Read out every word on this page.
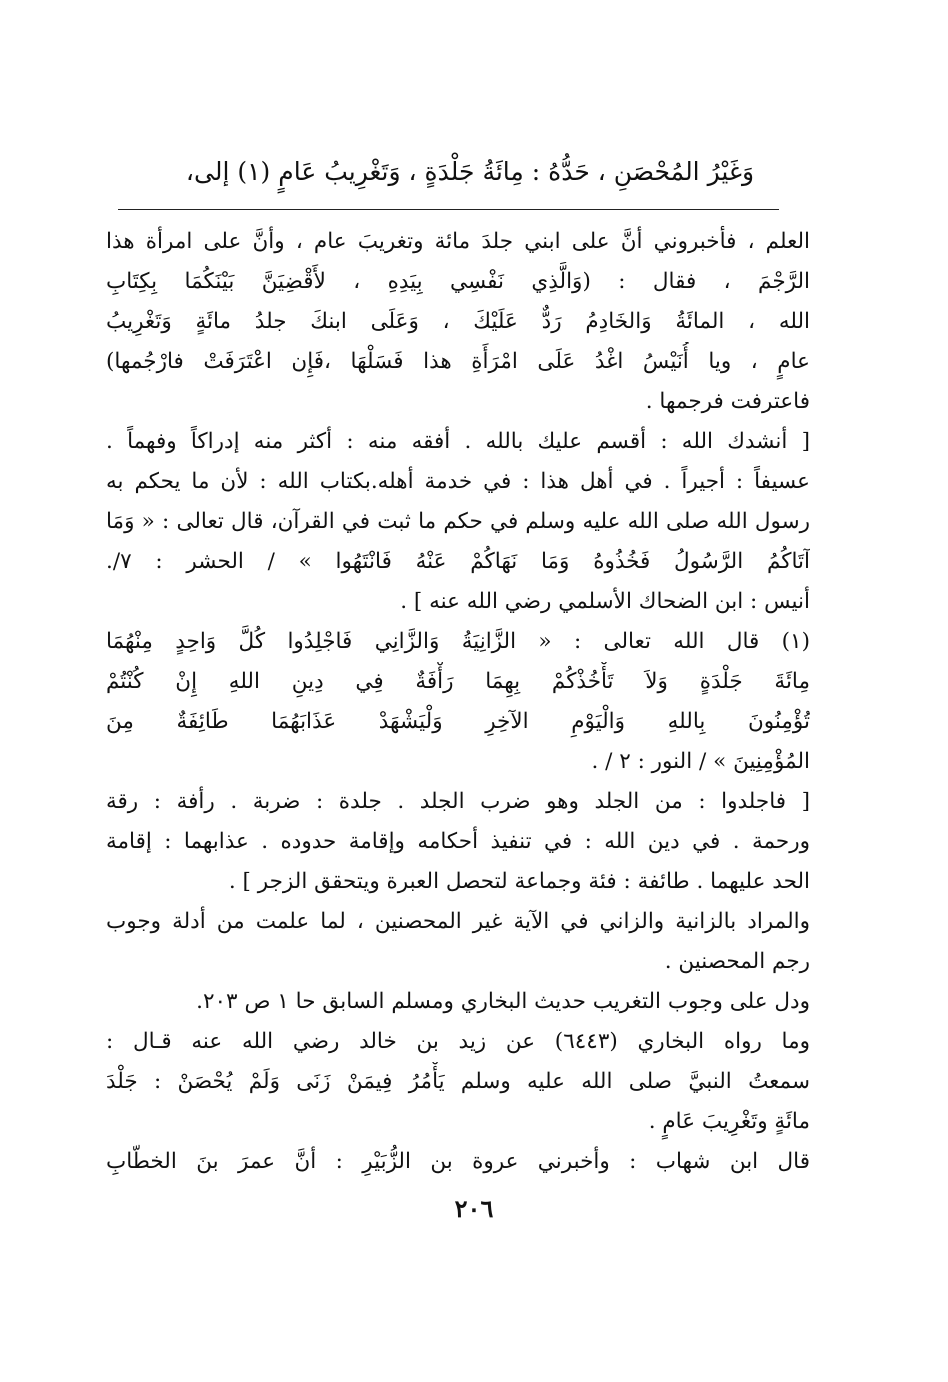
وَغَيْرُ المُحْصَنِ ، حَدُّهُ : مِائَةُ جَلْدَةٍ ، وَتَغْرِيبُ عَامٍ (١) إلى،
العلم ، فأخبروني أنَّ على ابني جلدَ مائة وتغريبَ عام ، وأنَّ على امرأة هذا
الرَّجْمَ ، فقال : (وَالَّذِي نَفْسِي بِيَدِهِ ، لأَقْضِيَنَّ بَيْنَكُمَا بِكِتَابِ
الله ، المائَةُ وَالخَادِمُ رَدٌّ عَلَيْكَ ، وَعَلَى ابنكَ جلدُ مائَةٍ وَتَغْرِيبُ
عامٍ ، ويا أُنَيْسُ اغْدُ عَلَى امْرَأَةِ هذا فَسَلْهَا ،فَإِن اعْتَرَفَتْ فارْجُمها)
فاعترفت فرجمها .
[ أنشدك الله : أقسم عليك بالله . أفقه منه : أكثر منه إدراكاً وفهماً .
عسيفاً : أجيراً . في أهل هذا : في خدمة أهله.بكتاب الله : لأن ما يحكم به
رسول الله صلى الله عليه وسلم في حكم ما ثبت في القرآن، قال تعالى : « وَمَا
آتَاكُمُ الرَّسُولُ فَخُذُوهُ وَمَا نَهَاكُمْ عَنْهُ فَانْتَهُوا » / الحشر : ٧/.
أنيس : ابن الضحاك الأسلمي رضي الله عنه ] .
(١) قال الله تعالى : « الزَّانِيَةُ وَالزَّانِي فَاجْلِدُوا كُلَّ وَاحِدٍ مِنْهُمَا
مِائَةَ جَلْدَةٍ وَلاَ تَأْخُذْكُمْ بِهِمَا رَأْفَةٌ فِي دِينِ اللهِ إِنْ كُنْتُمْ
تُؤْمِنُونَ بِاللهِ وَالْيَوْمِ الآخِرِ وَلْيَشْهَدْ عَذَابَهُمَا طَائِفَةٌ مِنَ
المُؤْمِنِينَ » / النور : ٢ / .
[ فاجلدوا : من الجلد وهو ضرب الجلد . جلدة : ضربة . رأفة : رقة
ورحمة . في دين الله : في تنفيذ أحكامه وإقامة حدوده . عذابهما : إقامة
الحد عليهما . طائفة : فئة وجماعة لتحصل العبرة ويتحقق الزجر ] .
والمراد بالزانية والزاني في الآية غير المحصنين ، لما علمت من أدلة وجوب
رجم المحصنين .
ودل على وجوب التغريب حديث البخاري ومسلم السابق حا ١ ص ٢٠٣.
وما رواه البخاري (٦٤٤٣) عن زيد بن خالد رضي الله عنه قـال :
سمعتُ النبيَّ صلى الله عليه وسلم يَأْمُرُ فِيمَنْ زَنَى وَلَمْ يُحْصَنْ : جَلْدَ
مائَةٍ وتَغْرِيبَ عَامٍ .
قال ابن شهاب : وأخبرني عروة بن الزُّبَيْرِ : أنَّ عمرَ بنَ الخطّابِ
٢٠٦
